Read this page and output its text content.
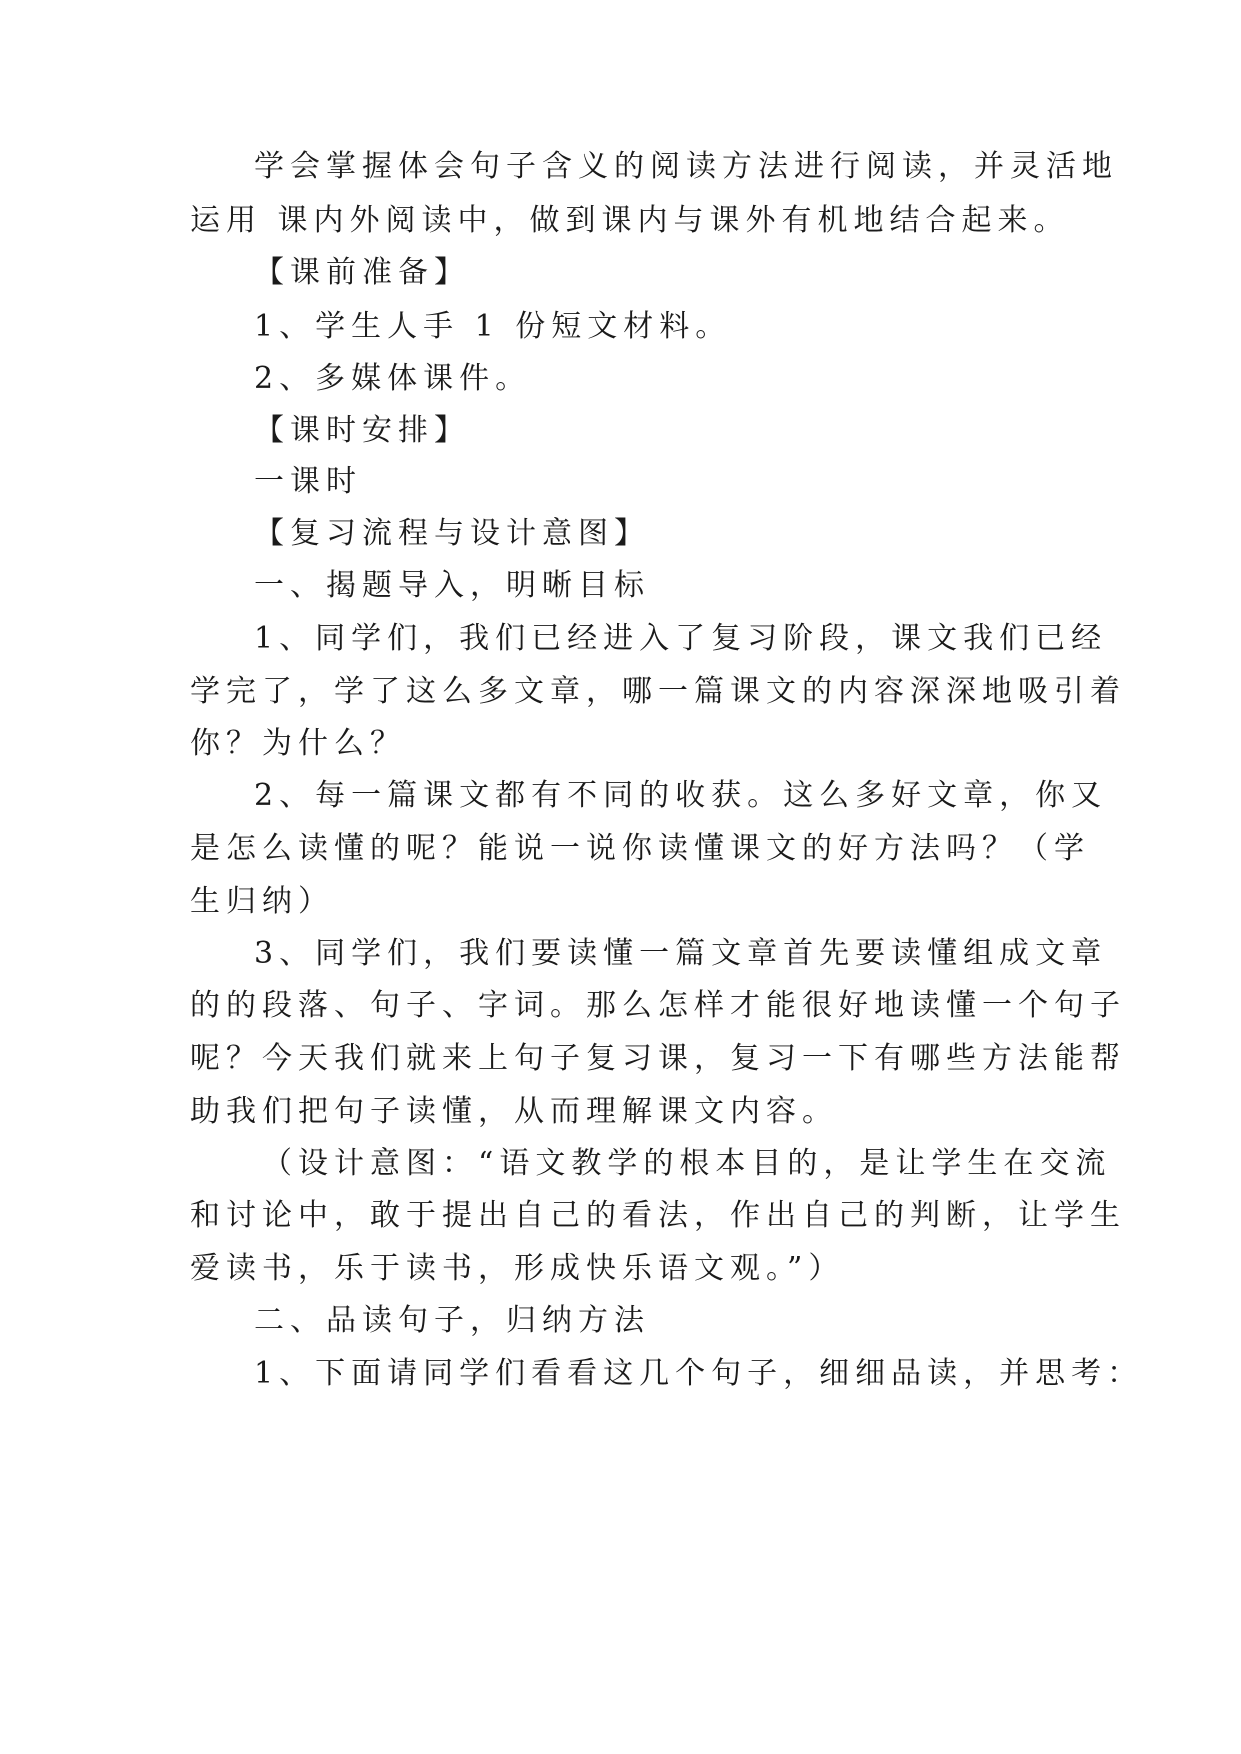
学会掌握体会句子含义的阅读方法进行阅读，并灵活地
运用 课内外阅读中，做到课内与课外有机地结合起来。
【课前准备】
1、学生人手 1 份短文材料。
2、多媒体课件。
【课时安排】
一课时
【复习流程与设计意图】
一、揭题导入，明晰目标
1、同学们，我们已经进入了复习阶段，课文我们已经
学完了，学了这么多文章，哪一篇课文的内容深深地吸引着
你？为什么？
2、每一篇课文都有不同的收获。这么多好文章，你又
是怎么读懂的呢？能说一说你读懂课文的好方法吗？（学
生归纳）
3、同学们，我们要读懂一篇文章首先要读懂组成文章
的的段落、句子、字词。那么怎样才能很好地读懂一个句子
呢？今天我们就来上句子复习课，复习一下有哪些方法能帮
助我们把句子读懂，从而理解课文内容。
（设计意图：“语文教学的根本目的，是让学生在交流
和讨论中，敢于提出自己的看法，作出自己的判断，让学生
爱读书，乐于读书，形成快乐语文观。”）
二、品读句子，归纳方法
1、下面请同学们看看这几个句子，细细品读，并思考：
